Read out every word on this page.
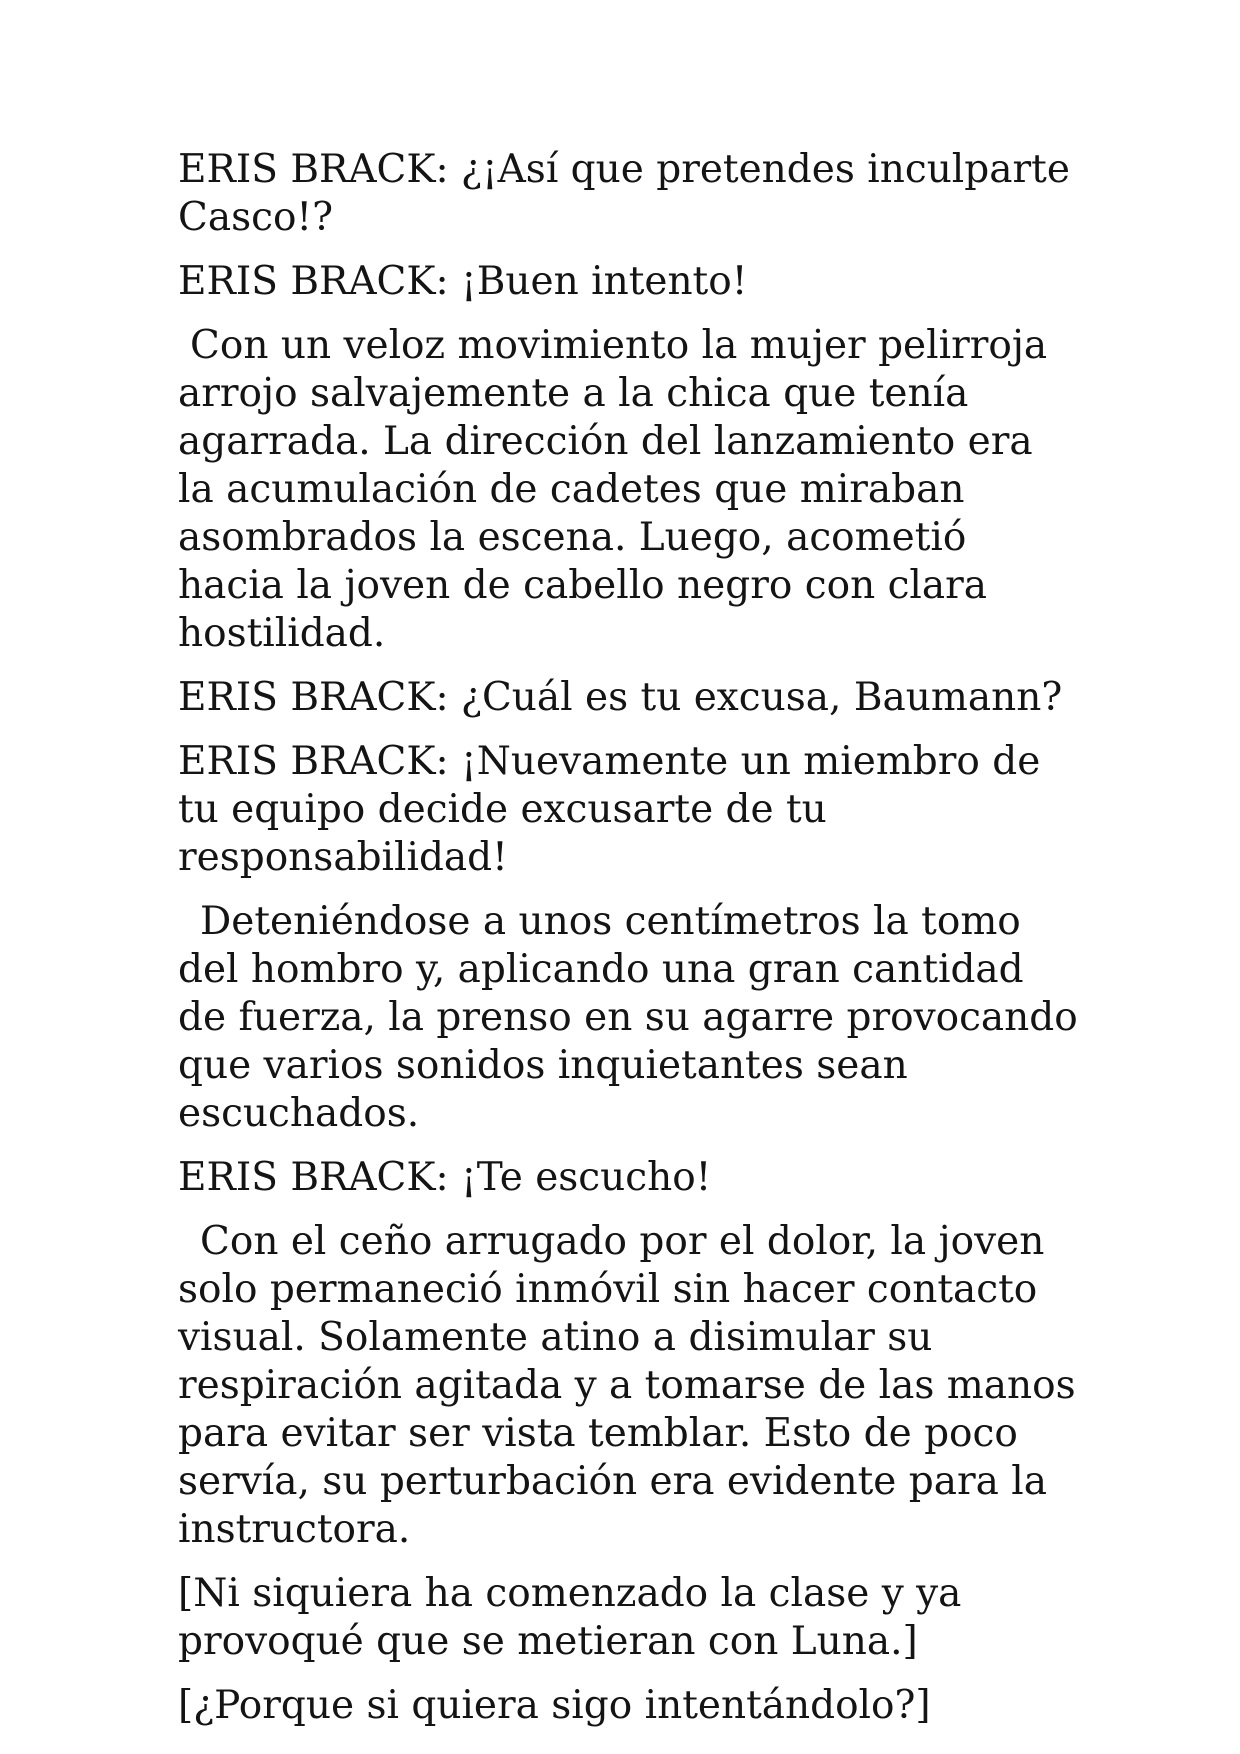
ERIS BRACK: ¿¡Así que pretendes inculparte Casco!?

ERIS BRACK: ¡Buen intento!

Con un veloz movimiento la mujer pelirroja arrojo salvajemente a la chica que tenía agarrada. La dirección del lanzamiento era la acumulación de cadetes que miraban asombrados la escena. Luego, acometió hacia la joven de cabello negro con clara hostilidad.

ERIS BRACK: ¿Cuál es tu excusa, Baumann?

ERIS BRACK: ¡Nuevamente un miembro de tu equipo decide excusarte de tu responsabilidad!

Deteniéndose a unos centímetros la tomo del hombro y, aplicando una gran cantidad de fuerza, la prenso en su agarre provocando que varios sonidos inquietantes sean escuchados.

ERIS BRACK: ¡Te escucho!

Con el ceño arrugado por el dolor, la joven solo permaneció inmóvil sin hacer contacto visual. Solamente atino a disimular su respiración agitada y a tomarse de las manos para evitar ser vista temblar. Esto de poco servía, su perturbación era evidente para la instructora.

[Ni siquiera ha comenzado la clase y ya provoqué que se metieran con Luna.]

[¿Porque si quiera sigo intentándolo?]
